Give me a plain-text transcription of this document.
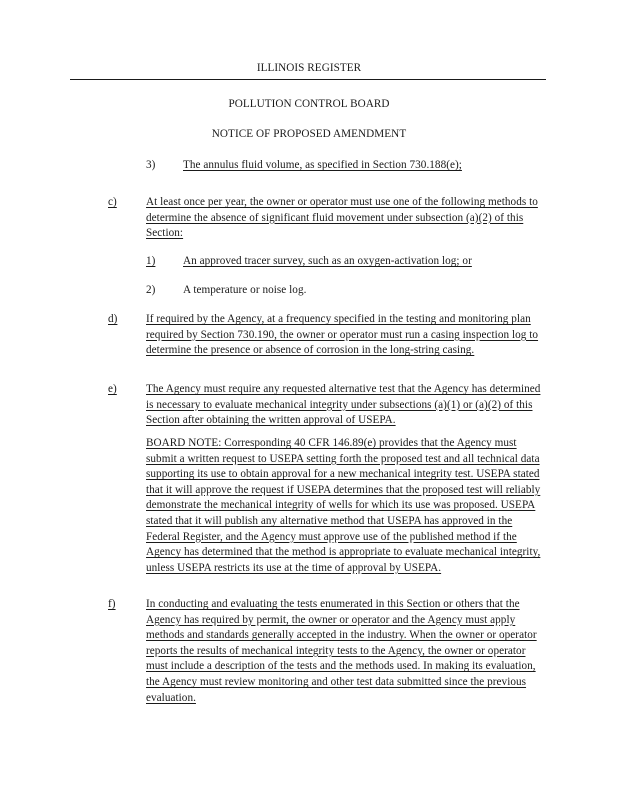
ILLINOIS REGISTER
POLLUTION CONTROL BOARD
NOTICE OF PROPOSED AMENDMENT
3) The annulus fluid volume, as specified in Section 730.188(e);
c)	At least once per year, the owner or operator must use one of the following methods to determine the absence of significant fluid movement under subsection (a)(2) of this Section:
1) An approved tracer survey, such as an oxygen-activation log; or
2) A temperature or noise log.
d)	If required by the Agency, at a frequency specified in the testing and monitoring plan required by Section 730.190, the owner or operator must run a casing inspection log to determine the presence or absence of corrosion in the long-string casing.
e)	The Agency must require any requested alternative test that the Agency has determined is necessary to evaluate mechanical integrity under subsections (a)(1) or (a)(2) of this Section after obtaining the written approval of USEPA.
BOARD NOTE: Corresponding 40 CFR 146.89(e) provides that the Agency must submit a written request to USEPA setting forth the proposed test and all technical data supporting its use to obtain approval for a new mechanical integrity test. USEPA stated that it will approve the request if USEPA determines that the proposed test will reliably demonstrate the mechanical integrity of wells for which its use was proposed. USEPA stated that it will publish any alternative method that USEPA has approved in the Federal Register, and the Agency must approve use of the published method if the Agency has determined that the method is appropriate to evaluate mechanical integrity, unless USEPA restricts its use at the time of approval by USEPA.
f)	In conducting and evaluating the tests enumerated in this Section or others that the Agency has required by permit, the owner or operator and the Agency must apply methods and standards generally accepted in the industry. When the owner or operator reports the results of mechanical integrity tests to the Agency, the owner or operator must include a description of the tests and the methods used. In making its evaluation, the Agency must review monitoring and other test data submitted since the previous evaluation.
